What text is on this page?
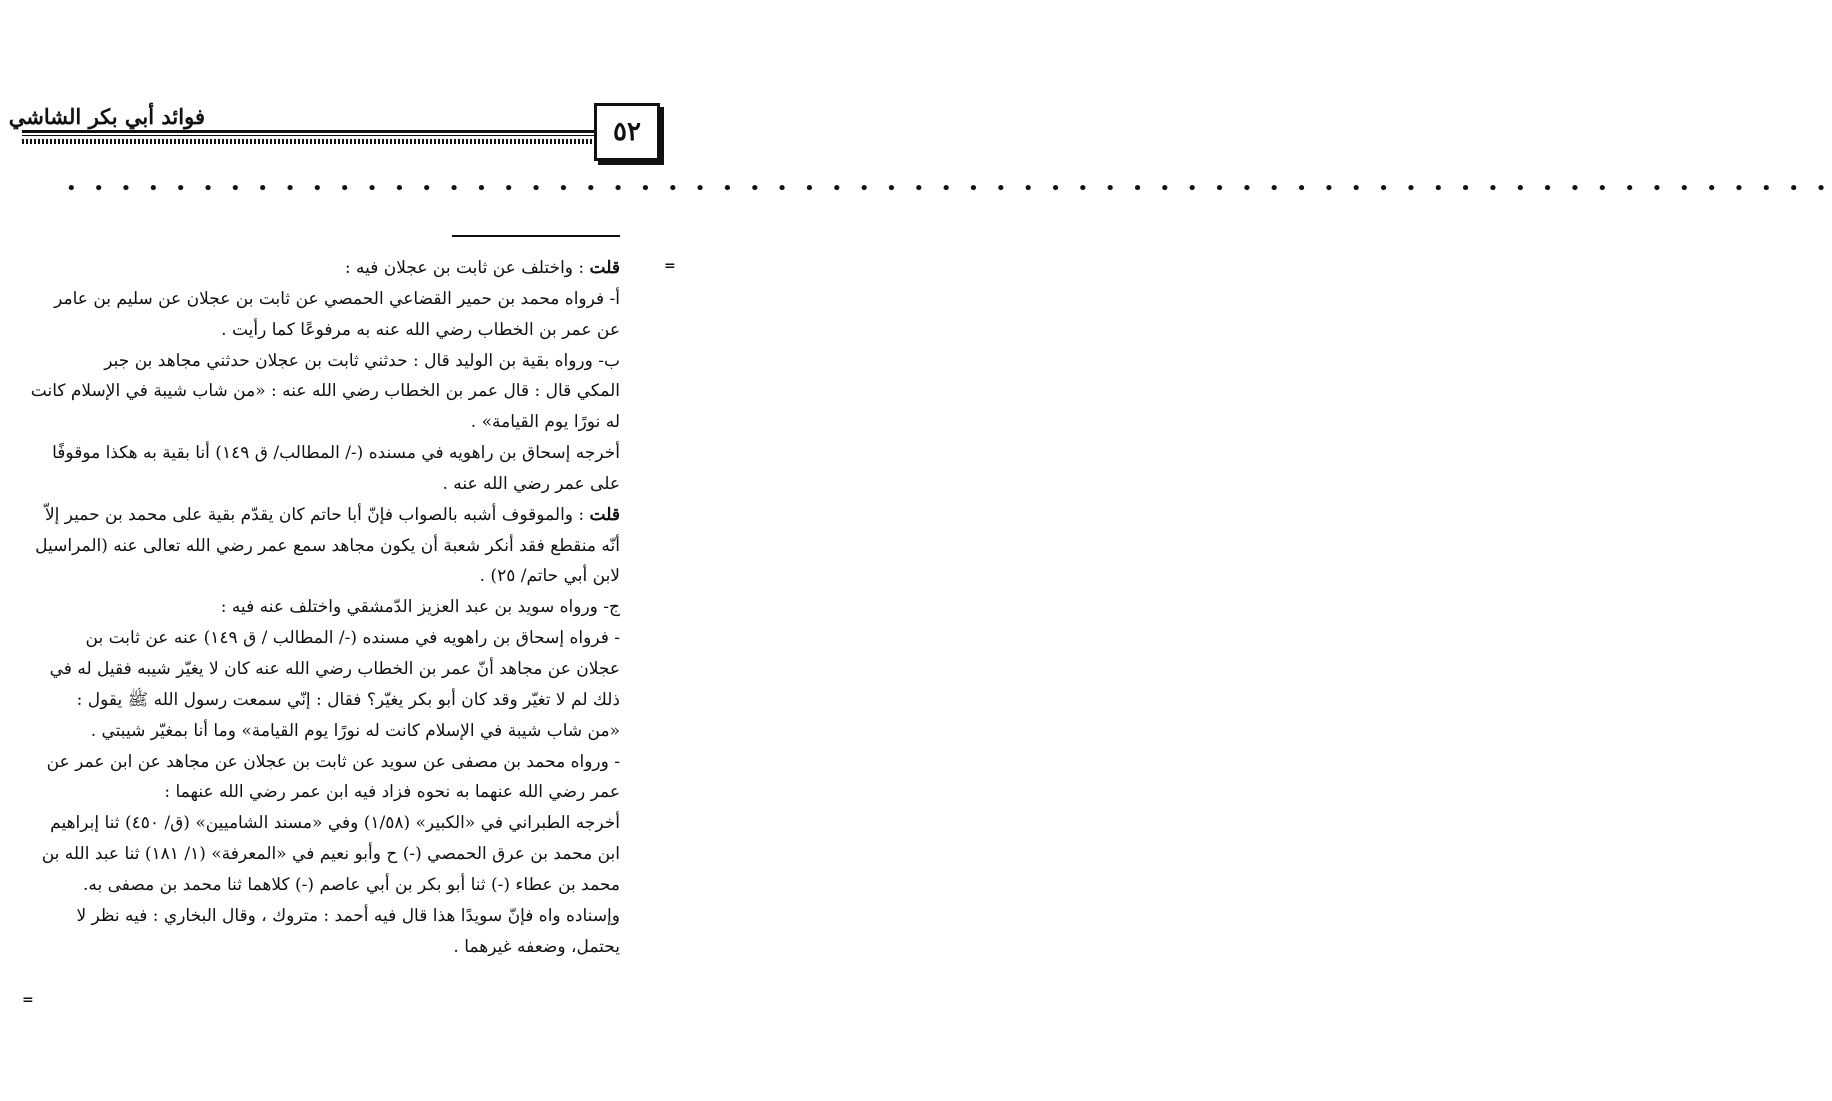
٥٢
فوائد أبي بكر الشاشي
• • • • • • • • • • • • • • • • • • • • • • • • • • • • • • • • • • • • • • • • • • • • • • • • • • • • • • • • • • • • • • • • •
=
=
قلت : واختلف عن ثابت بن عجلان فيه :
أ- فرواه محمد بن حمير القضاعي الحمصي عن ثابت بن عجلان عن سليم بن عامر
عن عمر بن الخطاب رضي الله عنه به مرفوعًا كما رأيت .
ب- ورواه بقية بن الوليد قال : حدثني ثابت بن عجلان حدثني مجاهد بن جبر
المكي قال : قال عمر بن الخطاب رضي الله عنه : «من شاب شيبة في الإسلام كانت
له نورًا يوم القيامة» .
أخرجه إسحاق بن راهويه في مسنده (-/ المطالب/ ق ١٤٩) أنا بقية به هكذا موقوفًا
على عمر رضي الله عنه .
قلت : والموقوف أشبه بالصواب فإنّ أبا حاتم كان يقدّم بقية على محمد بن حمير إلاّ
أنّه منقطع فقد أنكر شعبة أن يكون مجاهد سمع عمر رضي الله تعالى عنه (المراسيل
لابن أبي حاتم/ ٢٥) .
ج- ورواه سويد بن عبد العزيز الدّمشقي واختلف عنه فيه :
- فرواه إسحاق بن راهويه في مسنده (-/ المطالب / ق ١٤٩) عنه عن ثابت بن
عجلان عن مجاهد أنّ عمر بن الخطاب رضي الله عنه كان لا يغيّر شيبه فقيل له في
ذلك لم لا تغيّر وقد كان أبو بكر يغيّر؟ فقال : إنّي سمعت رسول الله ﷺ يقول :
«من شاب شيبة في الإسلام كانت له نورًا يوم القيامة» وما أنا بمغيّر شيبتي .
- ورواه محمد بن مصفى عن سويد عن ثابت بن عجلان عن مجاهد عن ابن عمر عن
عمر رضي الله عنهما به نحوه فزاد فيه ابن عمر رضي الله عنهما :
أخرجه الطبراني في «الكبير» (١/٥٨) وفي «مسند الشاميين» (ق/ ٤٥٠) ثنا إبراهيم
ابن محمد بن عرق الحمصي (-) ح وأبو نعيم في «المعرفة» (١/ ١٨١) ثنا عبد الله بن
محمد بن عطاء (-) ثنا أبو بكر بن أبي عاصم (-) كلاهما ثنا محمد بن مصفى به.
وإسناده واه فإنّ سويدًا هذا قال فيه أحمد : متروك ، وقال البخاري : فيه نظر لا
يحتمل، وضعفه غيرهما .
